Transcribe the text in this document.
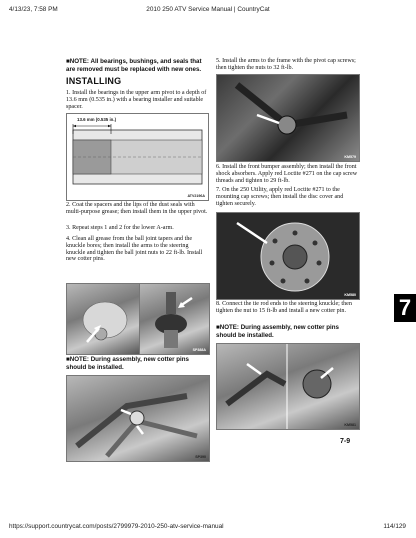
4/13/23, 7:58 PM	2010 250 ATV Service Manual | CountryCat
■NOTE: All bearings, bushings, and seals that are removed must be replaced with new ones.
INSTALLING
1. Install the bearings in the upper arm pivot to a depth of 13.6 mm (0.535 in.) with a bearing installer and suitable spacer.
13.6 mm (0.535 in.)
ATV2196A
2. Coat the spacers and the lips of the dust seals with multi-purpose grease; then install them in the upper pivot.
3. Repeat steps 1 and 2 for the lower A-arm.
4. Clean all grease from the ball joint tapers and the knuckle bores; then install the arms to the steering knuckle and tighten the ball joint nuts to 22 ft-lb. Install new cotter pins.
SP388A
■NOTE: During assembly, new cotter pins should be installed.
SP390
5. Install the arms to the frame with the pivot cap screws; then tighten the nuts to 32 ft-lb.
KM579
6. Install the front bumper assembly; then install the front shock absorbers. Apply red Loctite #271 on the cap screw threads and tighten to 29 ft-lb.
7. On the 250 Utility, apply red Loctite #271 to the mounting cap screws; then install the disc cover and tighten securely.
KM580
8. Connect the tie rod ends to the steering knuckle; then tighten the nut to 15 ft-lb and install a new cotter pin.
■NOTE: During assembly, new cotter pins should be installed.
KM581
7
7-9
https://support.countrycat.com/posts/2799979-2010-250-atv-service-manual	114/129
